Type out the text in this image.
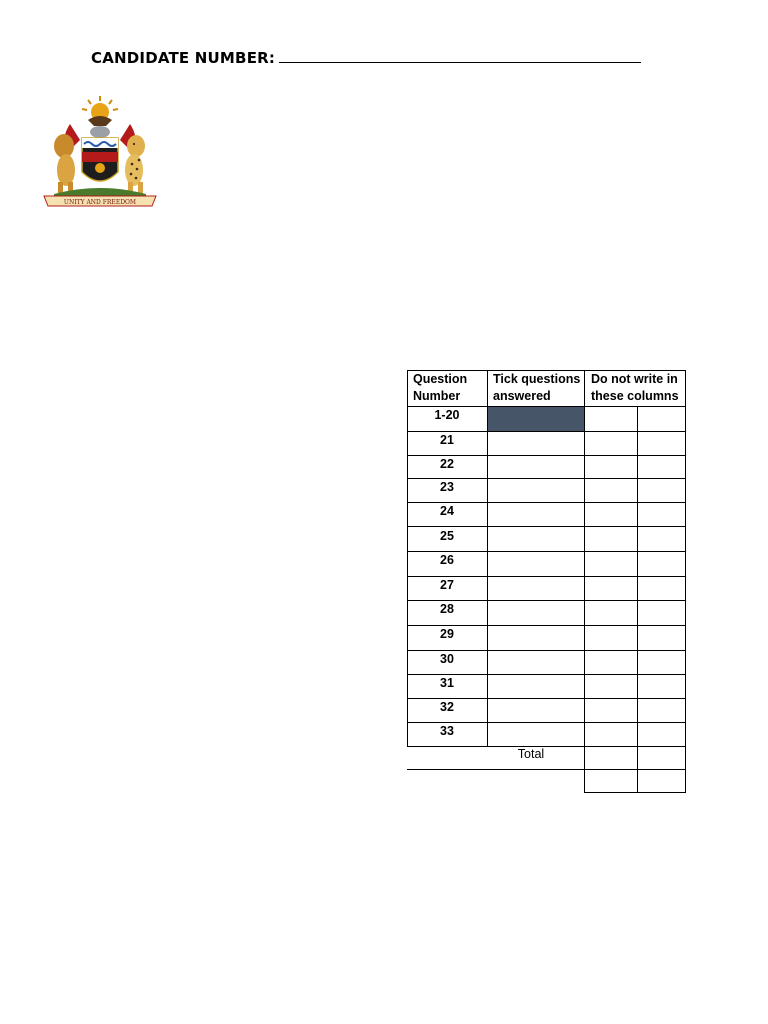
CANDIDATE NUMBER:
UNITY AND FREEDOM
Question
Number
Tick questions
answered
Do not write in
these columns
1-20
21
22
23
24
25
26
27
28
29
30
31
32
33
Total
